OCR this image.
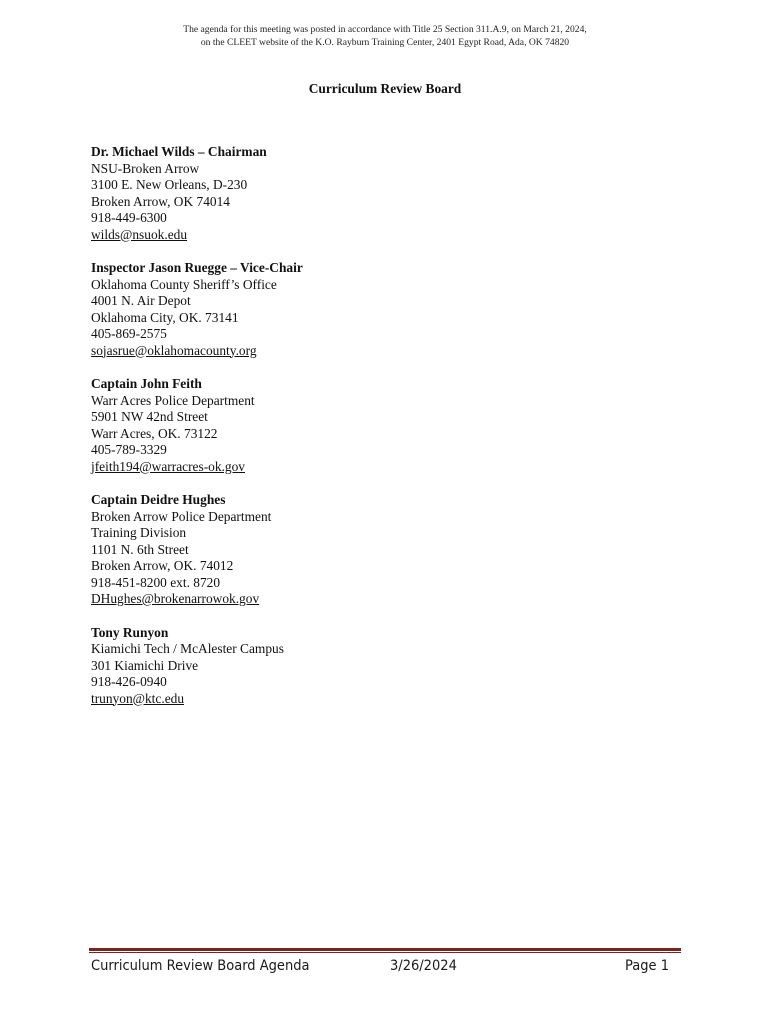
The agenda for this meeting was posted in accordance with Title 25 Section 311.A.9, on March 21, 2024,
on the CLEET website of the K.O. Rayburn Training Center, 2401 Egypt Road, Ada, OK 74820
Curriculum Review Board
Dr. Michael Wilds – Chairman
NSU-Broken Arrow
3100 E. New Orleans, D-230
Broken Arrow, OK 74014
918-449-6300
wilds@nsuok.edu
Inspector Jason Ruegge – Vice-Chair
Oklahoma County Sheriff’s Office
4001 N. Air Depot
Oklahoma City, OK. 73141
405-869-2575
sojasrue@oklahomacounty.org
Captain John Feith
Warr Acres Police Department
5901 NW 42nd Street
Warr Acres, OK. 73122
405-789-3329
jfeith194@warracres-ok.gov
Captain Deidre Hughes
Broken Arrow Police Department
Training Division
1101 N. 6th Street
Broken Arrow, OK. 74012
918-451-8200 ext. 8720
DHughes@brokenarrowok.gov
Tony Runyon
Kiamichi Tech / McAlester Campus
301 Kiamichi Drive
918-426-0940
trunyon@ktc.edu
Curriculum Review Board Agenda	3/26/2024	Page 1
